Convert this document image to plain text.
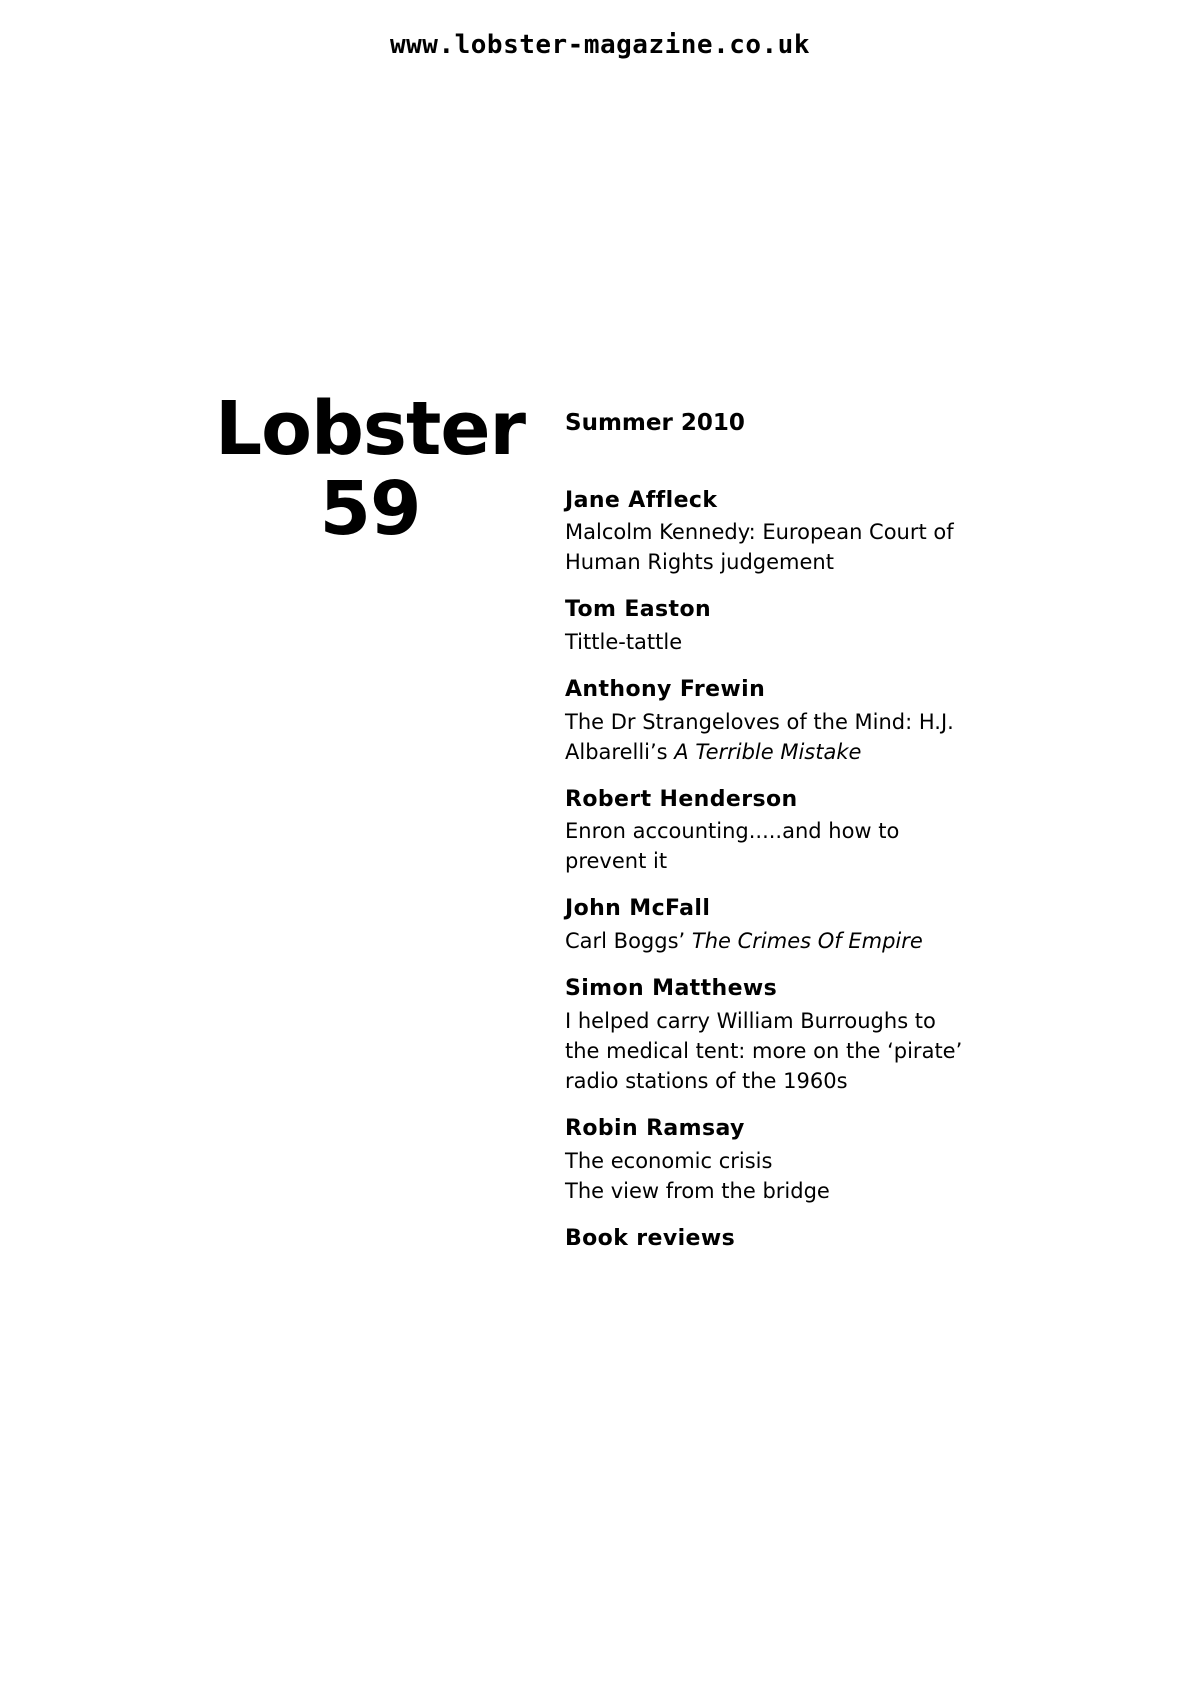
www.lobster-magazine.co.uk
Lobster
59
Summer 2010
Jane Affleck
Malcolm Kennedy: European Court of Human Rights judgement
Tom Easton
Tittle-tattle
Anthony Frewin
The Dr Strangeloves of the Mind: H.J. Albarelli’s A Terrible Mistake
Robert Henderson
Enron accounting.....and how to prevent it
John McFall
Carl Boggs’ The Crimes Of Empire
Simon Matthews
I helped carry William Burroughs to the medical tent: more on the ‘pirate’ radio stations of the 1960s
Robin Ramsay
The economic crisis
The view from the bridge
Book reviews
